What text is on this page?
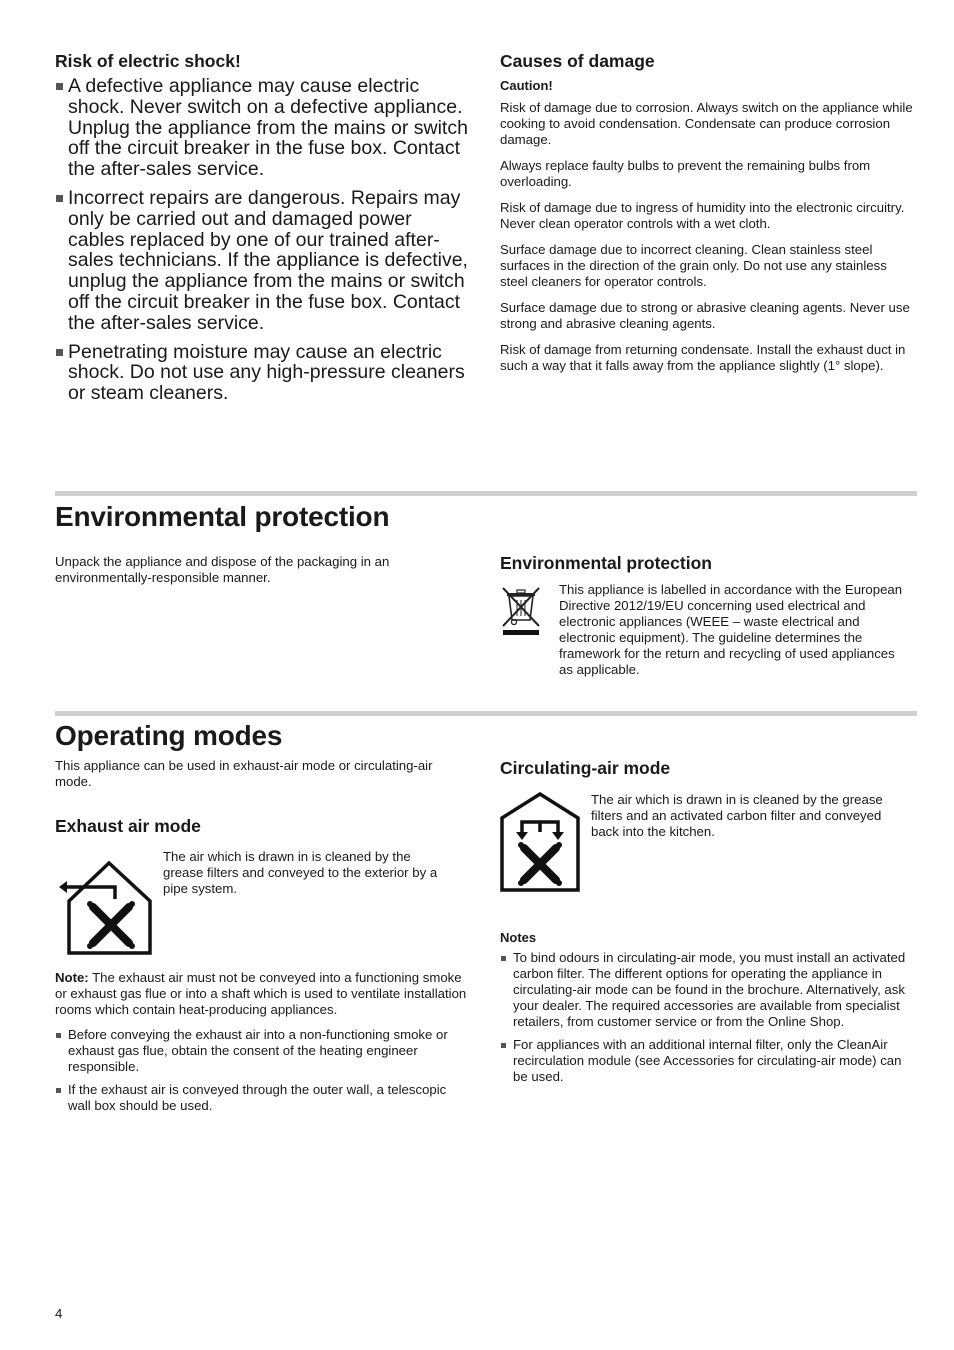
Risk of electric shock!
A defective appliance may cause electric shock. Never switch on a defective appliance. Unplug the appliance from the mains or switch off the circuit breaker in the fuse box. Contact the after-sales service.
Incorrect repairs are dangerous. Repairs may only be carried out and damaged power cables replaced by one of our trained after-sales technicians. If the appliance is defective, unplug the appliance from the mains or switch off the circuit breaker in the fuse box. Contact the after-sales service.
Penetrating moisture may cause an electric shock. Do not use any high-pressure cleaners or steam cleaners.
Causes of damage
Caution!

Risk of damage due to corrosion. Always switch on the appliance while cooking to avoid condensation. Condensate can produce corrosion damage.

Always replace faulty bulbs to prevent the remaining bulbs from overloading.

Risk of damage due to ingress of humidity into the electronic circuitry. Never clean operator controls with a wet cloth.

Surface damage due to incorrect cleaning. Clean stainless steel surfaces in the direction of the grain only. Do not use any stainless steel cleaners for operator controls.

Surface damage due to strong or abrasive cleaning agents. Never use strong and abrasive cleaning agents.

Risk of damage from returning condensate. Install the exhaust duct in such a way that it falls away from the appliance slightly (1° slope).

Environmental protection

Unpack the appliance and dispose of the packaging in an environmentally-responsible manner.

Environmental protection

This appliance is labelled in accordance with the European Directive 2012/19/EU concerning used electrical and electronic appliances (WEEE – waste electrical and electronic equipment). The guideline determines the framework for the return and recycling of used appliances as applicable.

Operating modes

This appliance can be used in exhaust-air mode or circulating-air mode.

Exhaust air mode

The air which is drawn in is cleaned by the grease filters and conveyed to the exterior by a pipe system.

Note: The exhaust air must not be conveyed into a functioning smoke or exhaust gas flue or into a shaft which is used to ventilate installation rooms which contain heat-producing appliances.

Before conveying the exhaust air into a non-functioning smoke or exhaust gas flue, obtain the consent of the heating engineer responsible.
If the exhaust air is conveyed through the outer wall, a telescopic wall box should be used.
Circulating-air mode

The air which is drawn in is cleaned by the grease filters and an activated carbon filter and conveyed back into the kitchen.

Notes
To bind odours in circulating-air mode, you must install an activated carbon filter. The different options for operating the appliance in circulating-air mode can be found in the brochure. Alternatively, ask your dealer. The required accessories are available from specialist retailers, from customer service or from the Online Shop.
For appliances with an additional internal filter, only the CleanAir recirculation module (see Accessories for circulating-air mode) can be used.
4
